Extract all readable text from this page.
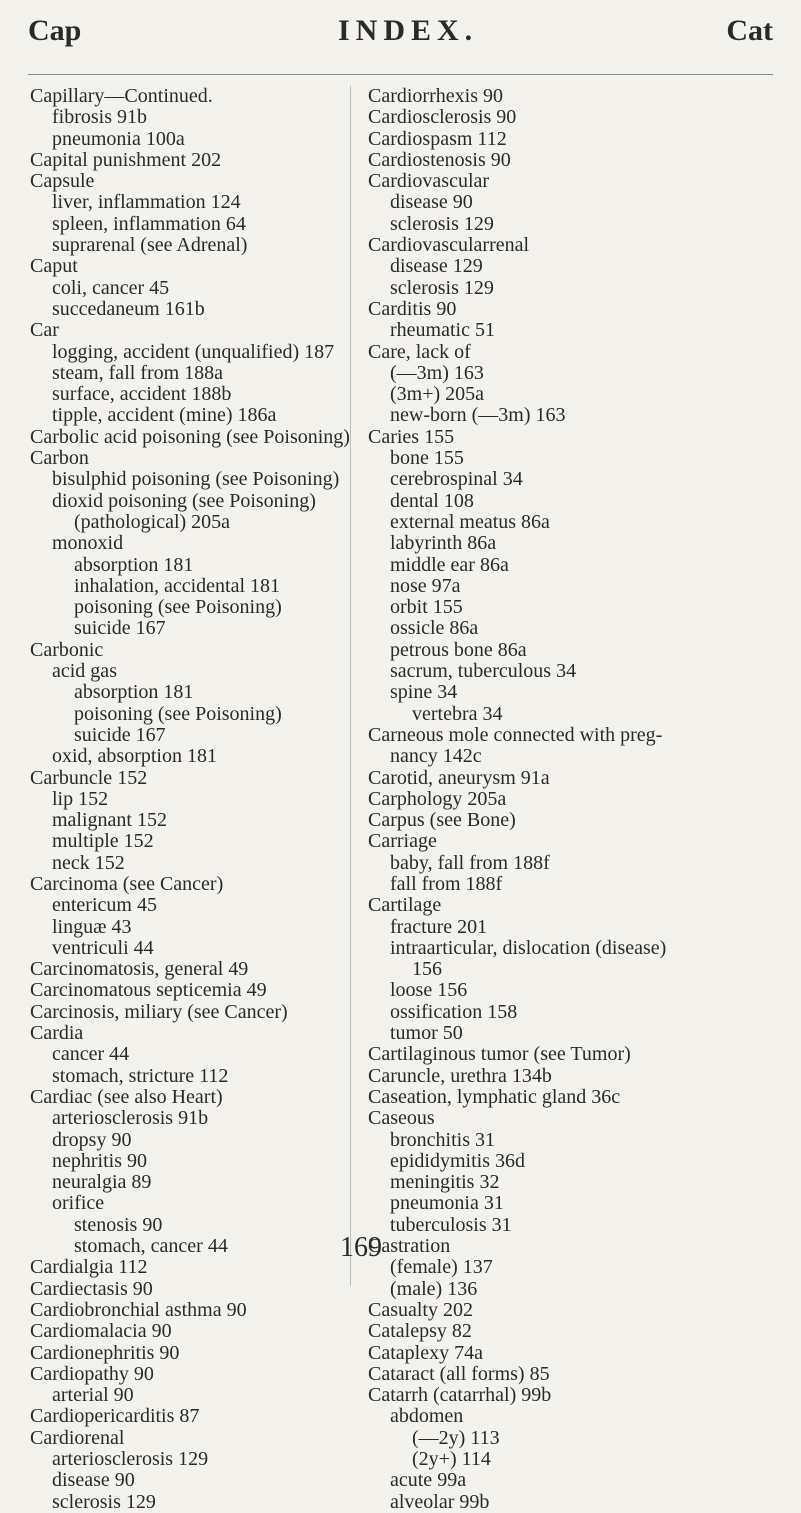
Cap	INDEX.	Cat
Capillary—Continued.
fibrosis 91b
pneumonia 100a
Capital punishment 202
Capsule
liver, inflammation 124
spleen, inflammation 64
suprarenal (see Adrenal)
Caput
coli, cancer 45
succedaneum 161b
Car
logging, accident (unqualified) 187
steam, fall from 188a
surface, accident 188b
tipple, accident (mine) 186a
Carbolic acid poisoning (see Poisoning)
Carbon
bisulphid poisoning (see Poisoning)
dioxid poisoning (see Poisoning)
(pathological) 205a
monoxid
absorption 181
inhalation, accidental 181
poisoning (see Poisoning)
suicide 167
Carbonic
acid gas
absorption 181
poisoning (see Poisoning)
suicide 167
oxid, absorption 181
Carbuncle 152
lip 152
malignant 152
multiple 152
neck 152
Carcinoma (see Cancer)
entericum 45
linguæ 43
ventriculi 44
Carcinomatosis, general 49
Carcinomatous septicemia 49
Carcinosis, miliary (see Cancer)
Cardia
cancer 44
stomach, stricture 112
Cardiac (see also Heart)
arteriosclerosis 91b
dropsy 90
nephritis 90
neuralgia 89
orifice
stenosis 90
stomach, cancer 44
Cardialgia 112
Cardiectasis 90
Cardiobronchial asthma 90
Cardiomalacia 90
Cardionephritis 90
Cardiopathy 90
arterial 90
Cardiopericarditis 87
Cardiorenal
arteriosclerosis 129
disease 90
sclerosis 129
Cardiorrhexis 90
Cardiosclerosis 90
Cardiospasm 112
Cardiostenosis 90
Cardiovascular
disease 90
sclerosis 129
Cardiovascularrenal
disease 129
sclerosis 129
Carditis 90
rheumatic 51
Care, lack of
(—3m) 163
(3m+) 205a
new-born (—3m) 163
Caries 155
bone 155
cerebrospinal 34
dental 108
external meatus 86a
labyrinth 86a
middle ear 86a
nose 97a
orbit 155
ossicle 86a
petrous bone 86a
sacrum, tuberculous 34
spine 34
vertebra 34
Carneous mole connected with preg-
nancy 142c
Carotid, aneurysm 91a
Carphology 205a
Carpus (see Bone)
Carriage
baby, fall from 188f
fall from 188f
Cartilage
fracture 201
intraarticular, dislocation (disease)
156
loose 156
ossification 158
tumor 50
Cartilaginous tumor (see Tumor)
Caruncle, urethra 134b
Caseation, lymphatic gland 36c
Caseous
bronchitis 31
epididymitis 36d
meningitis 32
pneumonia 31
tuberculosis 31
Castration
(female) 137
(male) 136
Casualty 202
Catalepsy 82
Cataplexy 74a
Cataract (all forms) 85
Catarrh (catarrhal) 99b
abdomen
(—2y) 113
(2y+) 114
acute 99a
alveolar 99b
169
